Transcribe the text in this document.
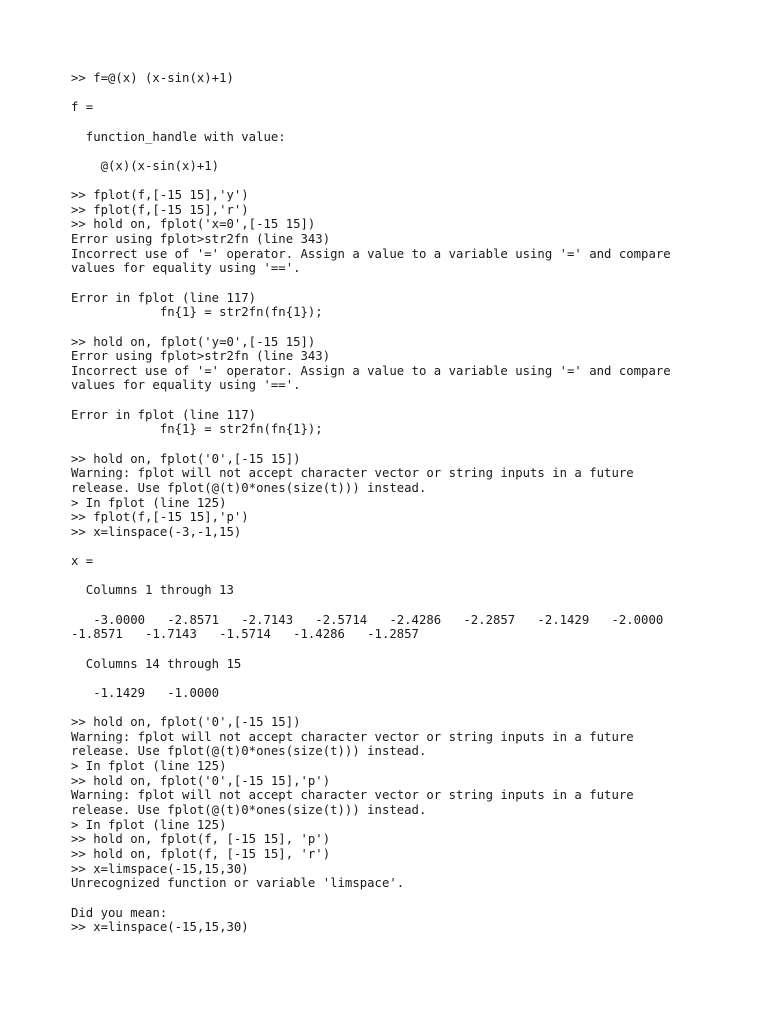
>> f=@(x) (x-sin(x)+1)
f =
function_handle with value:
@(x)(x-sin(x)+1)
>> fplot(f,[-15 15],'y')
>> fplot(f,[-15 15],'r')
>> hold on, fplot('x=0',[-15 15])
Error using fplot>str2fn (line 343)
Incorrect use of '=' operator. Assign a value to a variable using '=' and compare
values for equality using '=='.
Error in fplot (line 117)
fn{1} = str2fn(fn{1});
>> hold on, fplot('y=0',[-15 15])
Error using fplot>str2fn (line 343)
Incorrect use of '=' operator. Assign a value to a variable using '=' and compare
values for equality using '=='.
Error in fplot (line 117)
fn{1} = str2fn(fn{1});
>> hold on, fplot('0',[-15 15])
Warning: fplot will not accept character vector or string inputs in a future
release. Use fplot(@(t)0*ones(size(t))) instead.
> In fplot (line 125)
>> fplot(f,[-15 15],'p')
>> x=linspace(-3,-1,15)
x =
Columns 1 through 13
-3.0000   -2.8571   -2.7143   -2.5714   -2.4286   -2.2857   -2.1429   -2.0000
-1.8571   -1.7143   -1.5714   -1.4286   -1.2857
Columns 14 through 15
-1.1429   -1.0000
>> hold on, fplot('0',[-15 15])
Warning: fplot will not accept character vector or string inputs in a future
release. Use fplot(@(t)0*ones(size(t))) instead.
> In fplot (line 125)
>> hold on, fplot('0',[-15 15],'p')
Warning: fplot will not accept character vector or string inputs in a future
release. Use fplot(@(t)0*ones(size(t))) instead.
> In fplot (line 125)
>> hold on, fplot(f, [-15 15], 'p')
>> hold on, fplot(f, [-15 15], 'r')
>> x=limspace(-15,15,30)
Unrecognized function or variable 'limspace'.
Did you mean:
>> x=linspace(-15,15,30)
